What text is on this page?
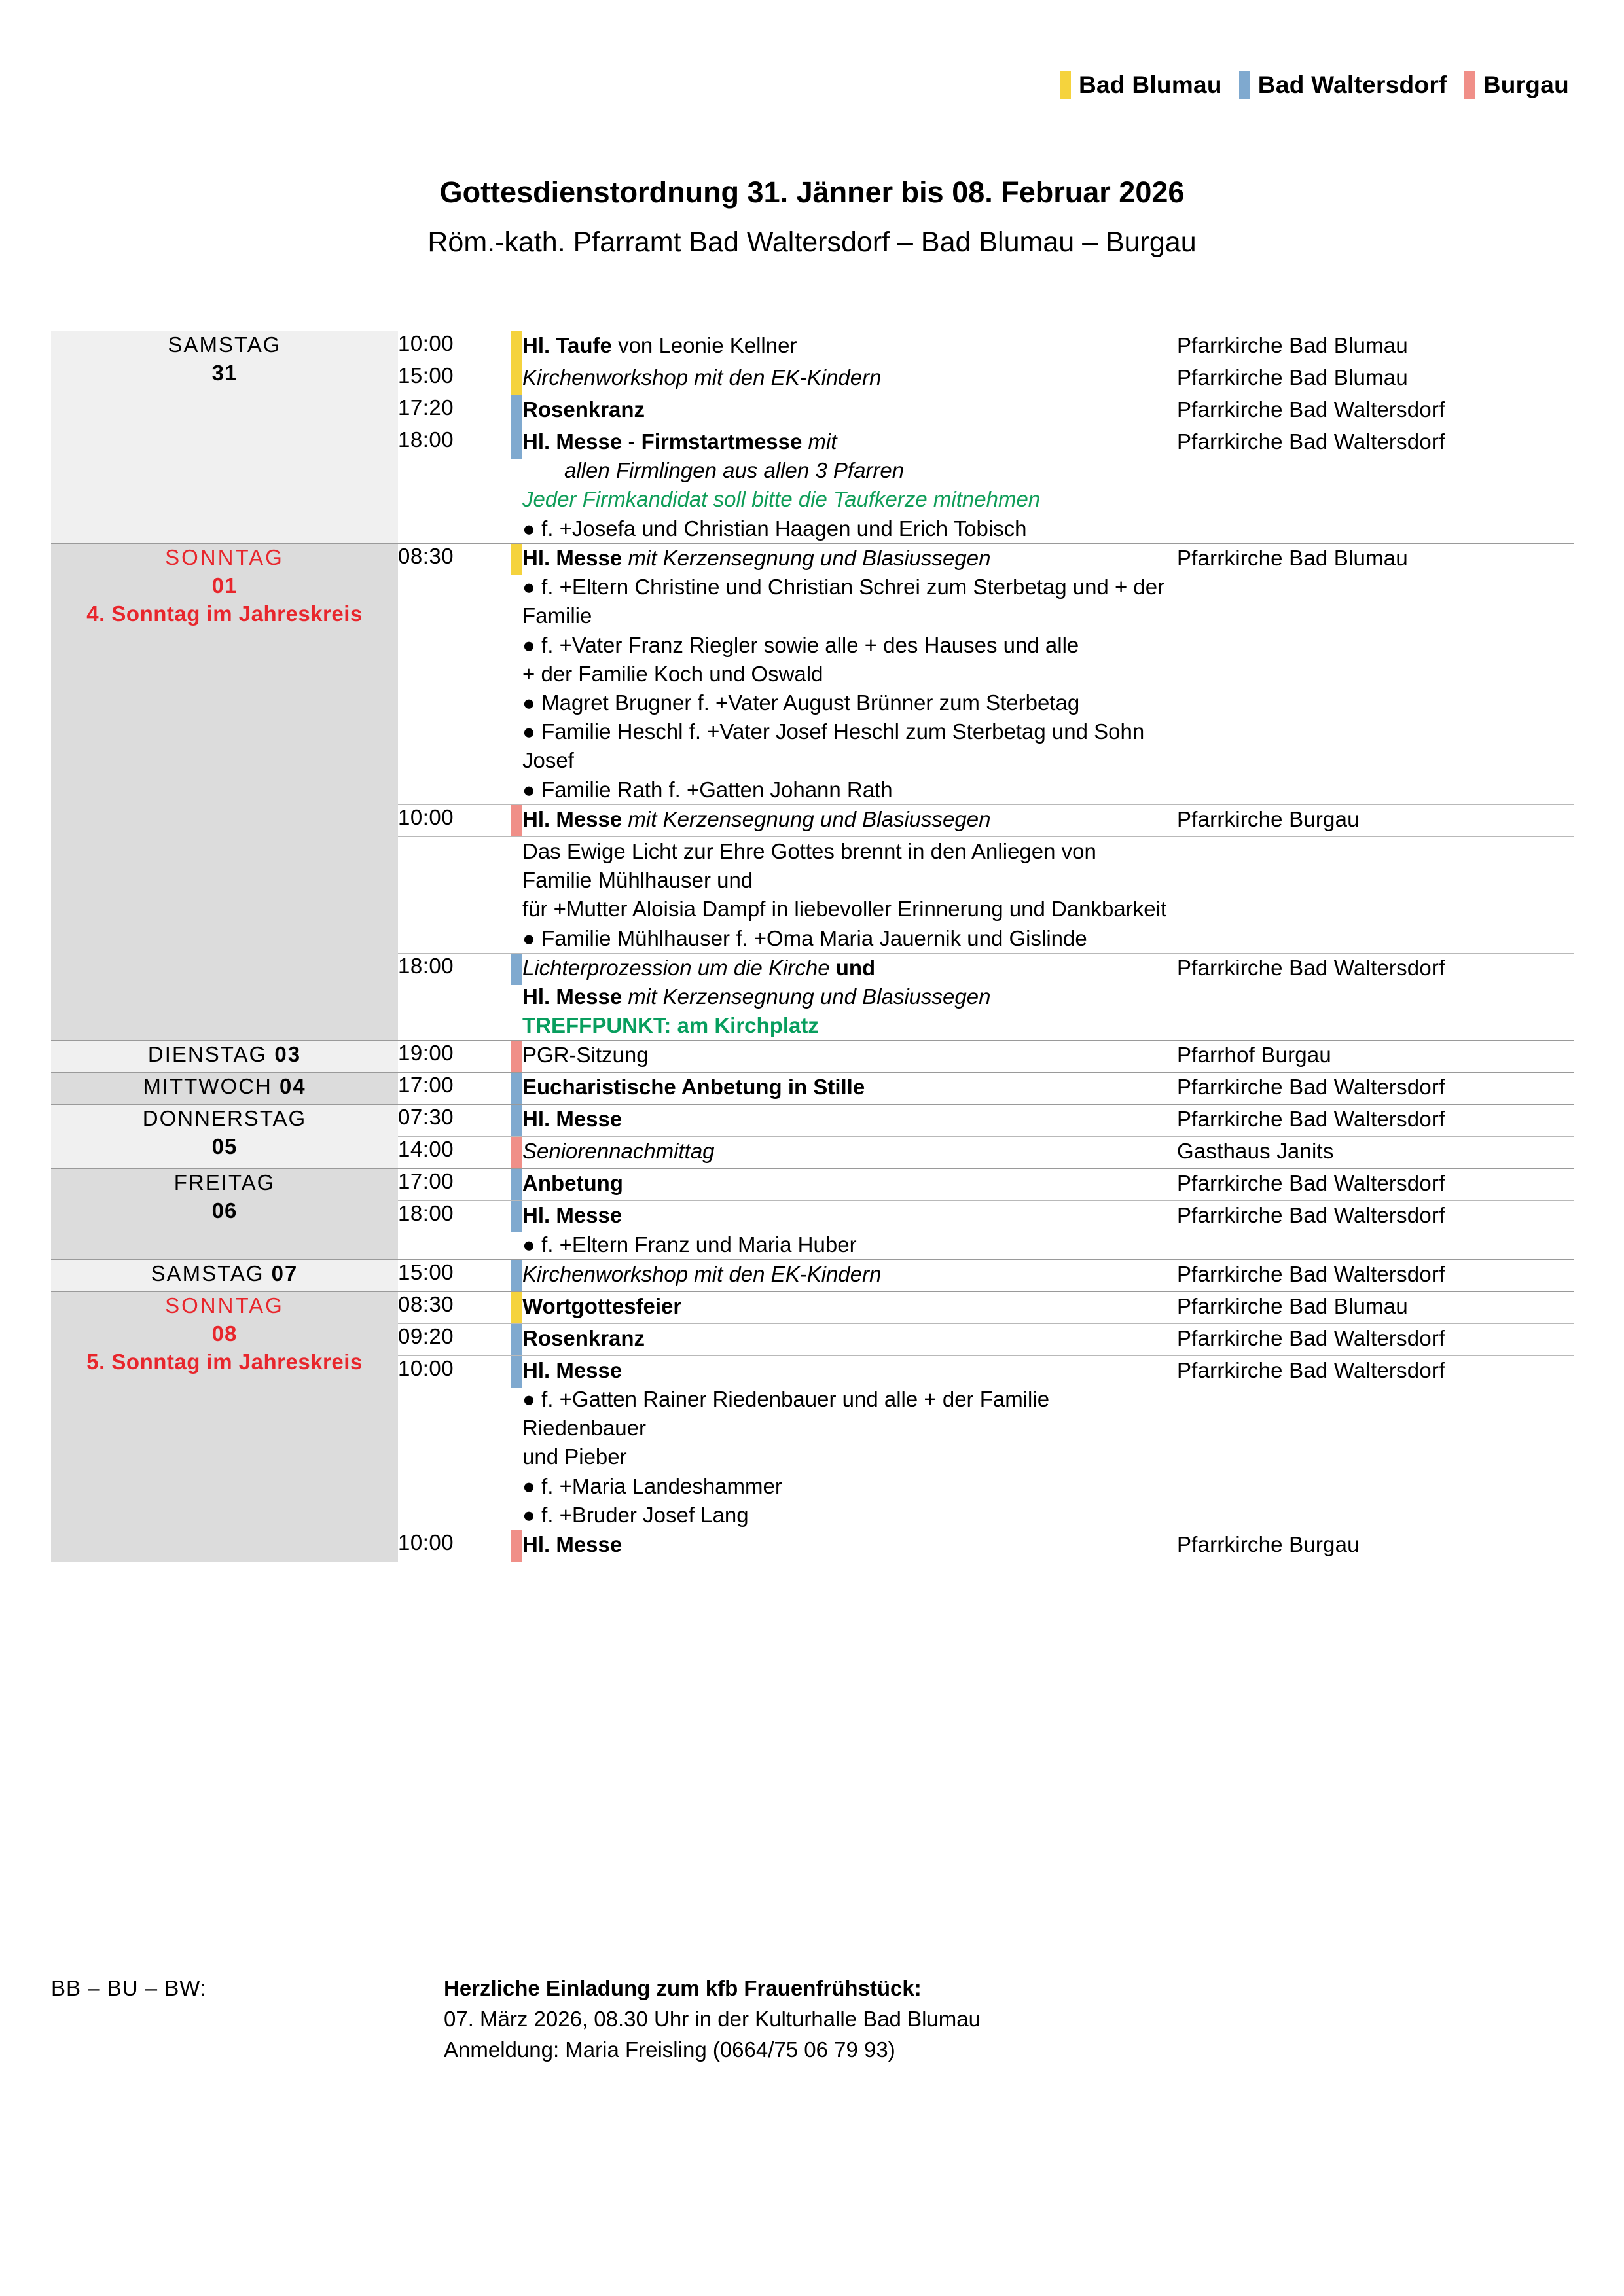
Bad Blumau Bad Waltersdorf Burgau
Gottesdienstordnung 31. Jänner bis 08. Februar 2026
Röm.-kath. Pfarramt Bad Waltersdorf – Bad Blumau – Burgau
SAMSTAG
31	10:00		Hl. Taufe von Leonie Kellner	Pfarrkirche Bad Blumau
	15:00		Kirchenworkshop mit den EK-Kindern	Pfarrkirche Bad Blumau
	17:20		Rosenkranz	Pfarrkirche Bad Waltersdorf
	18:00		Hl. Messe - Firmstartmesse mit
allen Firmlingen aus allen 3 Pfarren
Jeder Firmkandidat soll bitte die Taufkerze mitnehmen
● f. +Josefa und Christian Haagen und Erich Tobisch	Pfarrkirche Bad Waltersdorf

SONNTAG
01
4. Sonntag im Jahreskreis
	08:30		Hl. Messe mit Kerzensegnung und Blasiussegen
● f. +Eltern Christine und Christian Schrei zum Sterbetag und + der Familie
● f. +Vater Franz Riegler sowie alle + des Hauses und alle
+ der Familie Koch und Oswald
● Magret Brugner f. +Vater August Brünner zum Sterbetag
● Familie Heschl f. +Vater Josef Heschl zum Sterbetag und Sohn Josef
● Familie Rath f. +Gatten Johann Rath
	Pfarrkirche Bad Blumau
	10:00		Hl. Messe mit Kerzensegnung und Blasiussegen	Pfarrkirche Burgau

			Das Ewige Licht zur Ehre Gottes brennt in den Anliegen von
Familie Mühlhauser und
für +Mutter Aloisia Dampf in liebevoller Erinnerung und Dankbarkeit
● Familie Mühlhauser f. +Oma Maria Jauernik und Gislinde	

	18:00		Lichterprozession um die Kirche und
Hl. Messe mit Kerzensegnung und Blasiussegen
TREFFPUNKT: am Kirchplatz	Pfarrkirche Bad Waltersdorf

DIENSTAG 03	19:00		PGR-Sitzung	Pfarrhof Burgau

MITTWOCH 04	17:00		Eucharistische Anbetung in Stille	Pfarrkirche Bad Waltersdorf

DONNERSTAG
05	07:30		Hl. Messe	Pfarrkirche Bad Waltersdorf
	14:00		Seniorennachmittag	Gasthaus Janits

FREITAG
06	17:00		Anbetung	Pfarrkirche Bad Waltersdorf
	18:00		Hl. Messe
● f. +Eltern Franz und Maria Huber	Pfarrkirche Bad Waltersdorf

SAMSTAG 07	15:00		Kirchenworkshop mit den EK-Kindern	Pfarrkirche Bad Waltersdorf

SONNTAG
08
5. Sonntag im Jahreskreis	08:30		Wortgottesfeier	Pfarrkirche Bad Blumau
	09:20		Rosenkranz	Pfarrkirche Bad Waltersdorf
	10:00		Hl. Messe
● f. +Gatten Rainer Riedenbauer und alle + der Familie Riedenbauer
und Pieber
● f. +Maria Landeshammer
● f. +Bruder Josef Lang	Pfarrkirche Bad Waltersdorf
	10:00		Hl. Messe	Pfarrkirche Burgau
BB – BU – BW:	Herzliche Einladung zum kfb Frauenfrühstück:
07. März 2026, 08.30 Uhr in der Kulturhalle Bad Blumau
Anmeldung: Maria Freisling (0664/75 06 79 93)
